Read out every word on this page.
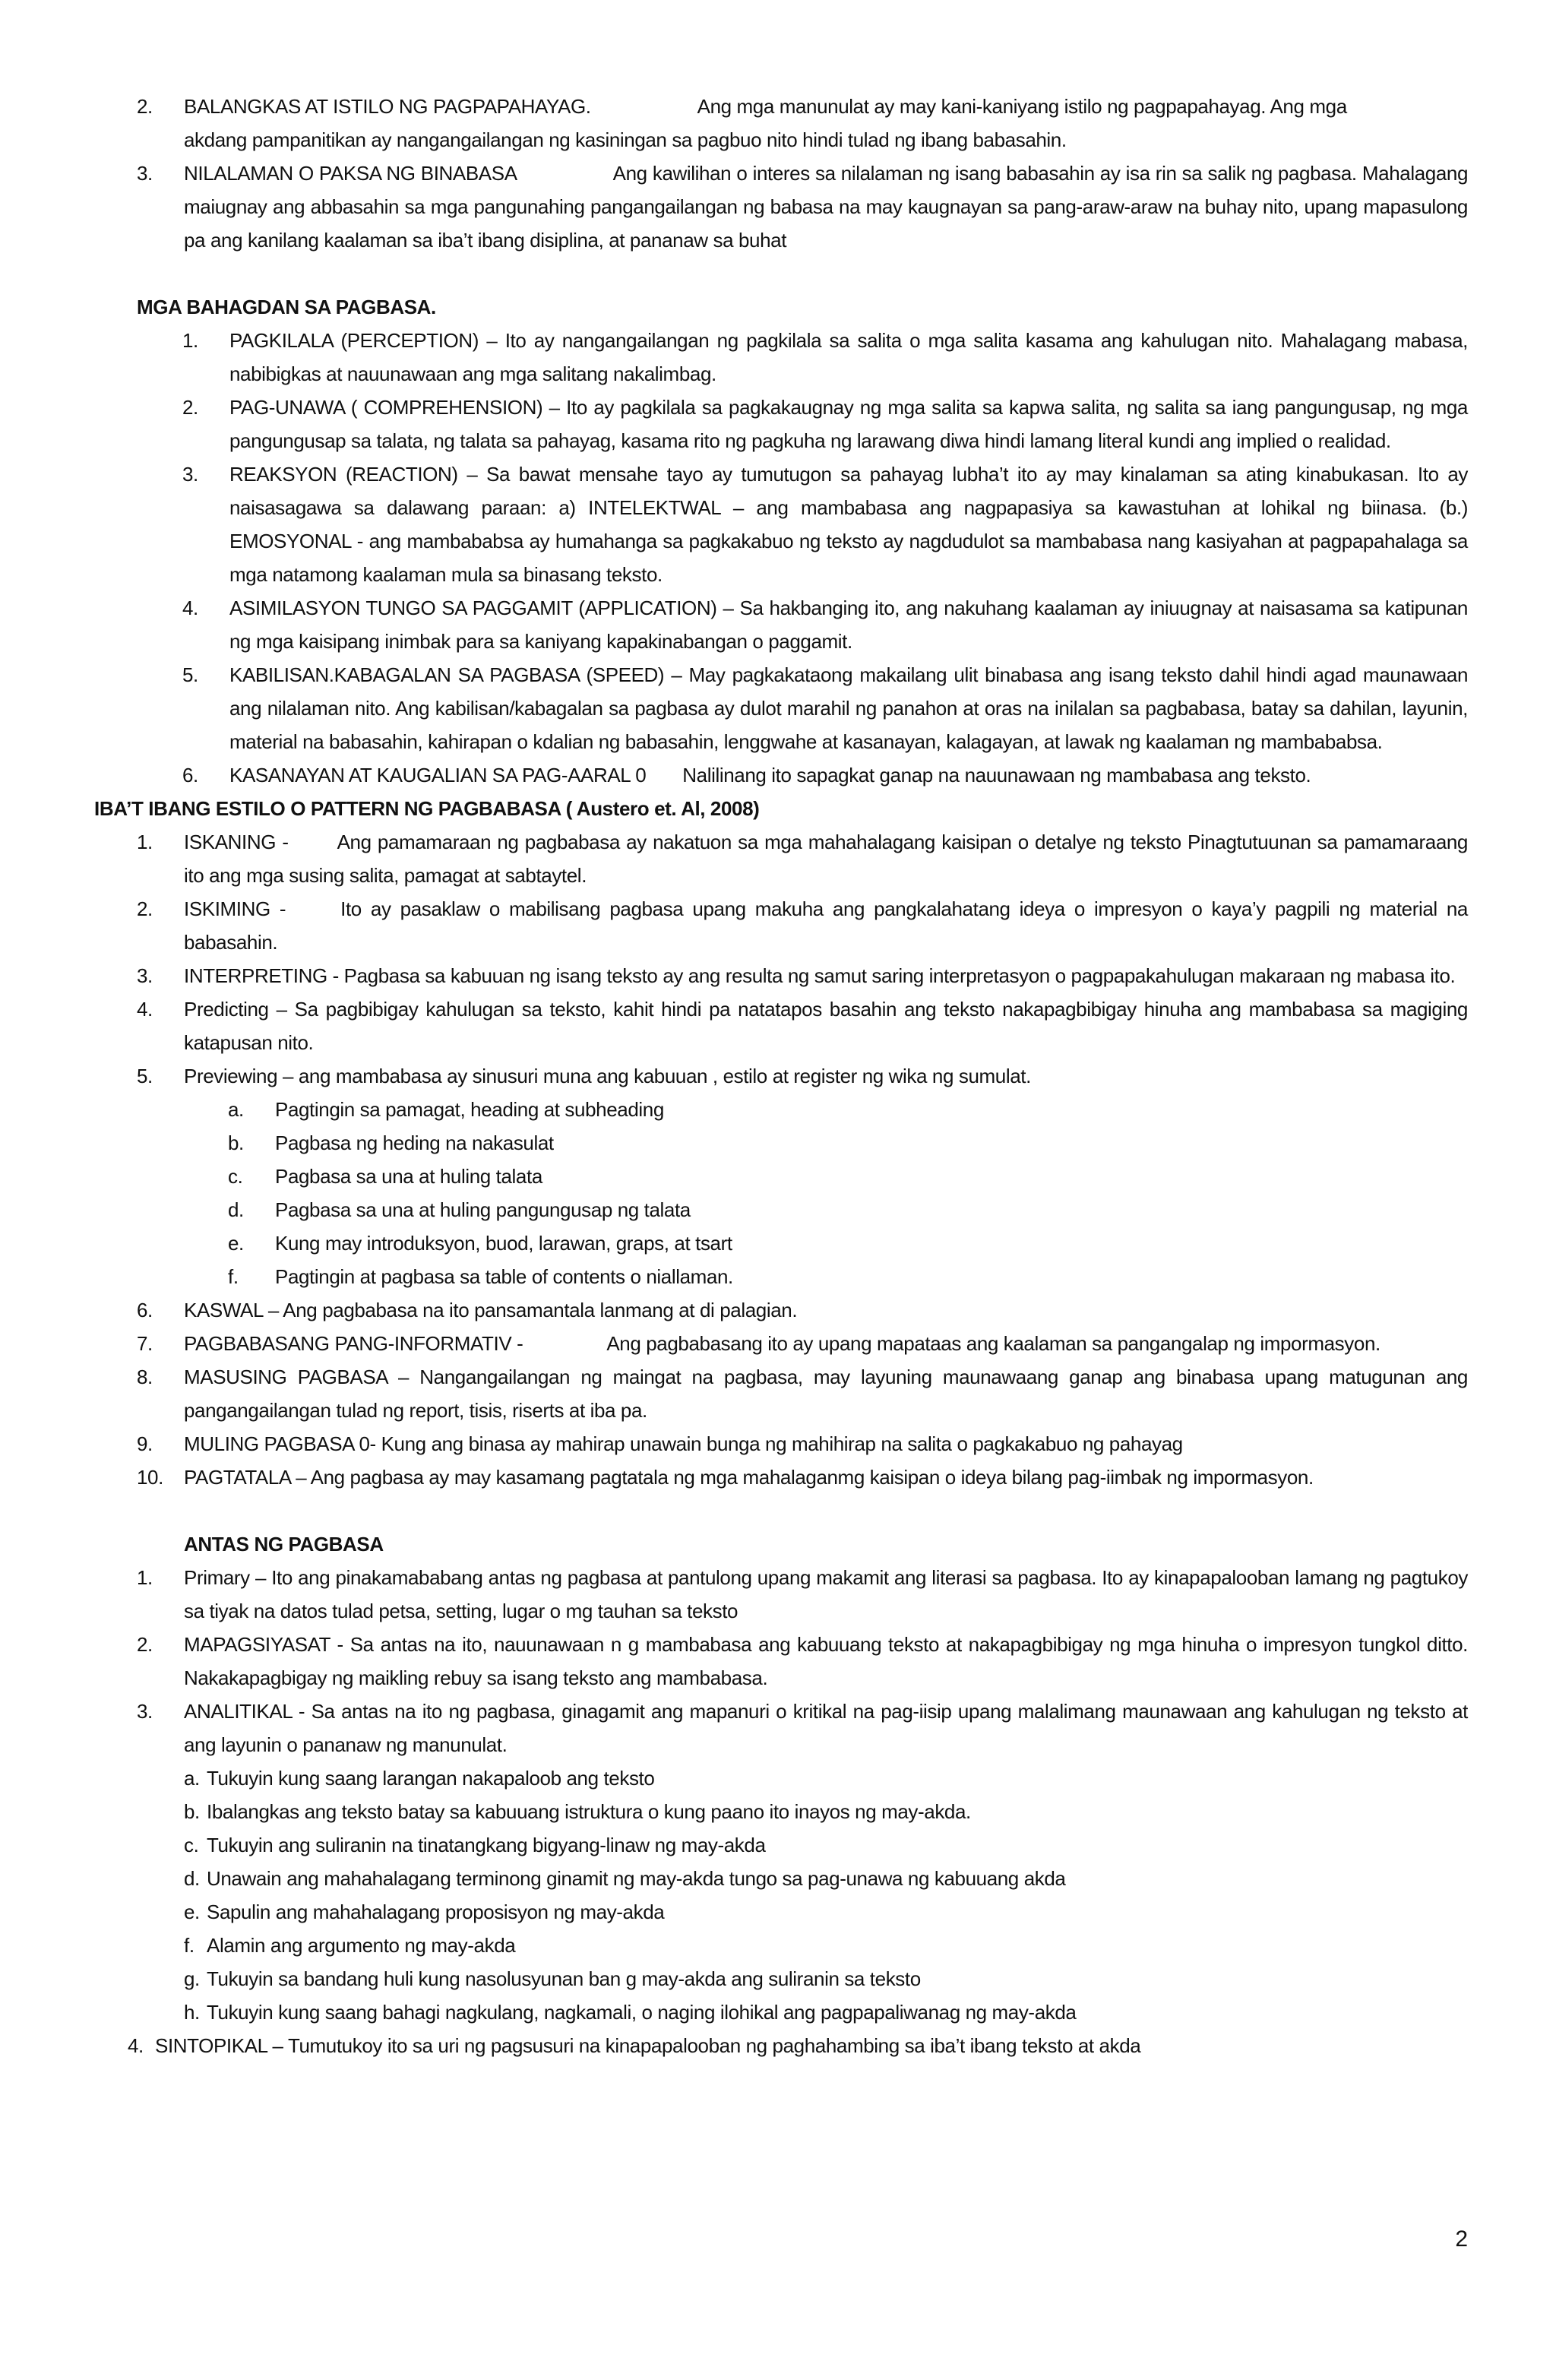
2.	BALANGKAS AT ISTILO NG PAGPAPAHAYAG.	Ang mga manunulat ay may kani-kaniyang istilo ng pagpapahayag. Ang mga
akdang pampanitikan ay nangangailangan ng kasiningan sa pagbuo nito hindi tulad ng ibang babasahin.
3.	NILALAMAN O PAKSA NG BINABASA	Ang kawilihan o interes sa nilalaman ng isang babasahin ay isa rin sa salik ng pagbasa. Mahalagang maiugnay ang abbasahin sa mga pangunahing pangangailangan ng babasa na may kaugnayan sa pang-araw-araw na buhay nito, upang mapasulong pa ang kanilang kaalaman sa iba’t ibang disiplina, at pananaw sa buhat
MGA BAHAGDAN SA PAGBASA.
1.	PAGKILALA (PERCEPTION) – Ito ay nangangailangan ng pagkilala sa salita o mga salita kasama ang kahulugan nito. Mahalagang mabasa, nabibigkas at nauunawaan ang mga salitang nakalimbag.
2.	PAG-UNAWA ( COMPREHENSION) – Ito ay pagkilala sa pagkakaugnay ng mga salita sa kapwa salita, ng salita sa iang pangungusap, ng mga pangungusap sa talata, ng talata sa pahayag, kasama rito ng pagkuha ng larawang diwa hindi lamang literal kundi ang implied o realidad.
3.	REAKSYON (REACTION) – Sa bawat mensahe tayo ay tumutugon sa pahayag lubha’t ito ay may kinalaman sa ating kinabukasan. Ito ay naisasagawa sa dalawang paraan: a) INTELEKTWAL – ang mambabasa ang nagpapasiya sa kawastuhan at lohikal ng biinasa. (b.) EMOSYONAL - ang mambababsa ay humahanga sa pagkakabuo ng teksto ay nagdudulot sa mambabasa nang kasiyahan at pagpapahalaga sa mga natamong kaalaman mula sa binasang teksto.
4.	ASIMILASYON TUNGO SA PAGGAMIT (APPLICATION) – Sa hakbanging ito, ang nakuhang kaalaman ay iniuugnay at naisasama sa katipunan ng mga kaisipang inimbak para sa kaniyang kapakinabangan o paggamit.
5.	KABILISAN.KABAGALAN SA PAGBASA (SPEED) – May pagkakataong makailang ulit binabasa ang isang teksto dahil hindi agad maunawaan ang nilalaman nito. Ang kabilisan/kabagalan sa pagbasa ay dulot marahil ng panahon at oras na inilalan sa pagbabasa, batay sa dahilan, layunin, material na babasahin, kahirapan o kdalian ng babasahin, lenggwahe at kasanayan, kalagayan, at lawak ng kaalaman ng mambababsa.
6.	KASANAYAN AT KAUGALIAN SA PAG-AARAL 0 Nalilinang ito sapagkat ganap na nauunawaan ng mambabasa ang teksto.
IBA’T IBANG ESTILO O PATTERN NG PAGBABASA ( Austero et. Al, 2008)
1.	ISKANING - Ang pamamaraan ng pagbabasa ay nakatuon sa mga mahahalagang kaisipan o detalye ng teksto Pinagtutuunan sa pamamaraang ito ang mga susing salita, pamagat at sabtaytel.
2.	ISKIMING -	Ito ay pasaklaw o mabilisang pagbasa upang makuha ang pangkalahatang ideya o impresyon o kaya’y pagpili ng material na babasahin.
3.	INTERPRETING - Pagbasa sa kabuuan ng isang teksto ay ang resulta ng samut saring interpretasyon o pagpapakahulugan makaraan ng mabasa ito.
4.	Predicting – Sa pagbibigay kahulugan sa teksto, kahit hindi pa natatapos basahin ang teksto nakapagbibigay hinuha ang mambabasa sa magiging katapusan nito.
5.	Previewing – ang mambabasa ay sinusuri muna ang kabuuan , estilo at register ng wika ng sumulat.
a.	Pagtingin sa pamagat, heading at subheading
b.	Pagbasa ng heding na nakasulat
c.	Pagbasa sa una at huling talata
d.	Pagbasa sa una at huling pangungusap ng talata
e.	Kung may introduksyon, buod, larawan, graps, at tsart
f.	Pagtingin at pagbasa sa table of contents o niallaman.
6.	KASWAL – Ang pagbabasa na ito pansamantala lanmang at di palagian.
7.	PAGBABASANG PANG-INFORMATIV -	Ang pagbabasang ito ay upang mapataas ang kaalaman sa pangangalap ng impormasyon.
8.	MASUSING PAGBASA – Nangangailangan ng maingat na pagbasa, may layuning maunawaang ganap ang binabasa upang matugunan ang pangangailangan tulad ng report, tisis, riserts at iba pa.
9.	MULING PAGBASA 0- Kung ang binasa ay mahirap unawain bunga ng mahihirap na salita o pagkakabuo ng pahayag
10.	PAGTATALA – Ang pagbasa ay may kasamang pagtatala ng mga mahalaganmg kaisipan o ideya bilang pag-iimbak ng impormasyon.
ANTAS NG PAGBASA
1.	Primary – Ito ang pinakamababang antas ng pagbasa at pantulong upang makamit ang literasi sa pagbasa. Ito ay kinapapalooban lamang ng pagtukoy sa tiyak na datos tulad petsa, setting, lugar o mg tauhan sa teksto
2.	MAPAGSIYASAT - Sa antas na ito, nauunawaan n g mambabasa ang kabuuang teksto at nakapagbibigay ng mga hinuha o impresyon tungkol ditto. Nakakapagbigay ng maikling rebuy sa isang teksto ang mambabasa.
3.	ANALITIKAL - Sa antas na ito ng pagbasa, ginagamit ang mapanuri o kritikal na pag-iisip upang malalimang maunawaan ang kahulugan ng teksto at ang layunin o pananaw ng manunulat.
a. Tukuyin kung saang larangan nakapaloob ang teksto
b. Ibalangkas ang teksto batay sa kabuuang istruktura o kung paano ito inayos ng may-akda.
c. Tukuyin ang suliranin na tinatangkang bigyang-linaw ng may-akda
d. Unawain ang mahahalagang terminong ginamit ng may-akda tungo sa pag-unawa ng kabuuang akda
e. Sapulin ang mahahalagang proposisyon ng may-akda
f. Alamin ang argumento ng may-akda
g. Tukuyin sa bandang huli kung nasolusyunan ban g may-akda ang suliranin sa teksto
h. Tukuyin kung saang bahagi nagkulang, nagkamali, o naging ilohikal ang pagpapaliwanag ng may-akda
4. SINTOPIKAL – Tumutukoy ito sa uri ng pagsusuri na kinapapalooban ng paghahambing sa iba’t ibang teksto at akda
2
